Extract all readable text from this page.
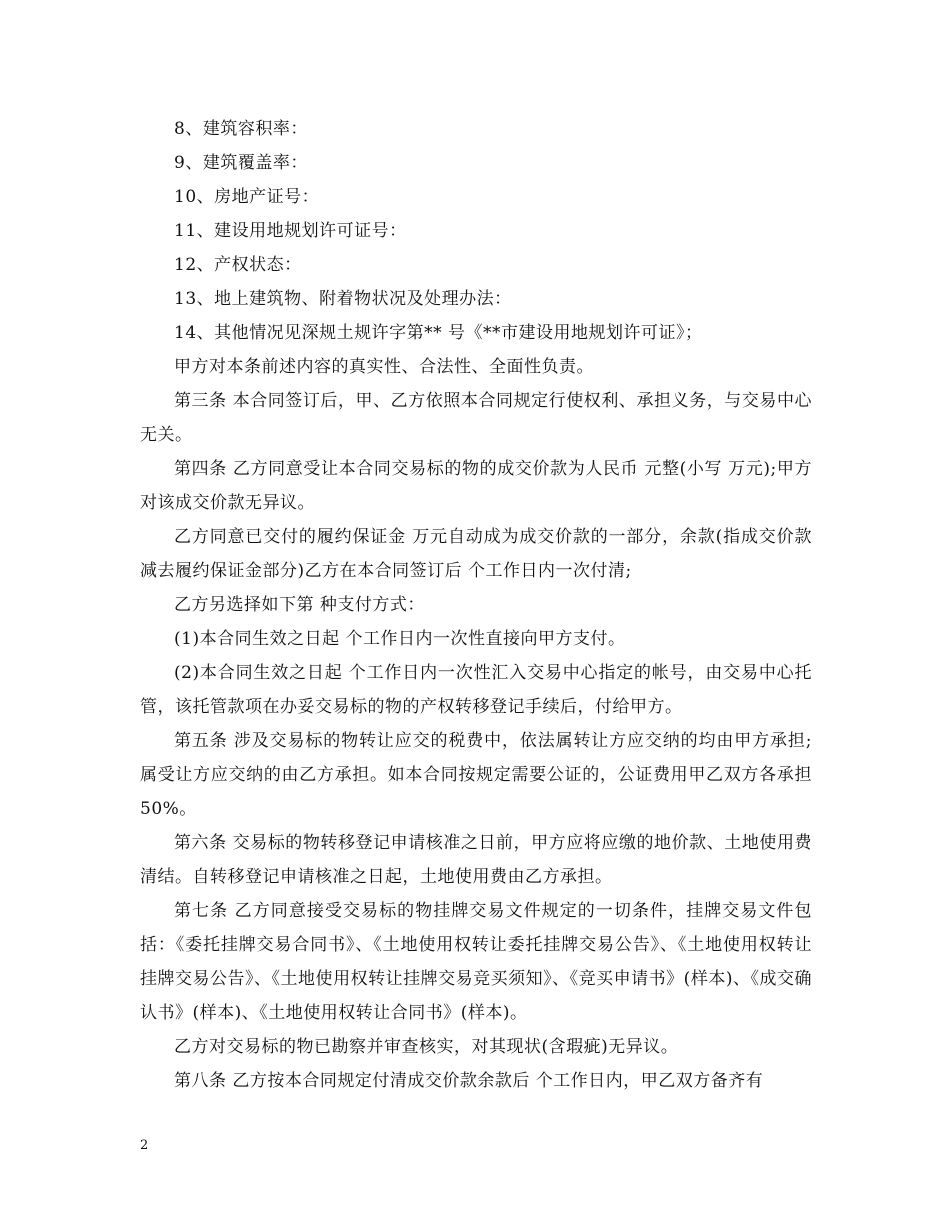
8、建筑容积率：

9、建筑覆盖率：

10、房地产证号：

11、建设用地规划许可证号：

12、产权状态：

13、地上建筑物、附着物状况及处理办法：

14、其他情况见深规土规许字第** 号《**市建设用地规划许可证》；

甲方对本条前述内容的真实性、合法性、全面性负责。

第三条 本合同签订后，甲、乙方依照本合同规定行使权利、承担义务，与交易中心无关。

第四条 乙方同意受让本合同交易标的物的成交价款为人民币 元整(小写 万元);甲方对该成交价款无异议。

乙方同意已交付的履约保证金 万元自动成为成交价款的一部分，余款(指成交价款减去履约保证金部分)乙方在本合同签订后 个工作日内一次付清;

乙方另选择如下第 种支付方式：

(1)本合同生效之日起 个工作日内一次性直接向甲方支付。

(2)本合同生效之日起 个工作日内一次性汇入交易中心指定的帐号，由交易中心托管，该托管款项在办妥交易标的物的产权转移登记手续后，付给甲方。

第五条 涉及交易标的物转让应交的税费中，依法属转让方应交纳的均由甲方承担;属受让方应交纳的由乙方承担。如本合同按规定需要公证的，公证费用甲乙双方各承担50%。

第六条 交易标的物转移登记申请核准之日前，甲方应将应缴的地价款、土地使用费清结。自转移登记申请核准之日起，土地使用费由乙方承担。

第七条 乙方同意接受交易标的物挂牌交易文件规定的一切条件，挂牌交易文件包括：《委托挂牌交易合同书》、《土地使用权转让委托挂牌交易公告》、《土地使用权转让挂牌交易公告》、《土地使用权转让挂牌交易竞买须知》、《竞买申请书》(样本)、《成交确认书》(样本)、《土地使用权转让合同书》(样本)。

乙方对交易标的物已勘察并审查核实，对其现状(含瑕疵)无异议。

第八条 乙方按本合同规定付清成交价款余款后 个工作日内，甲乙双方备齐有

2
